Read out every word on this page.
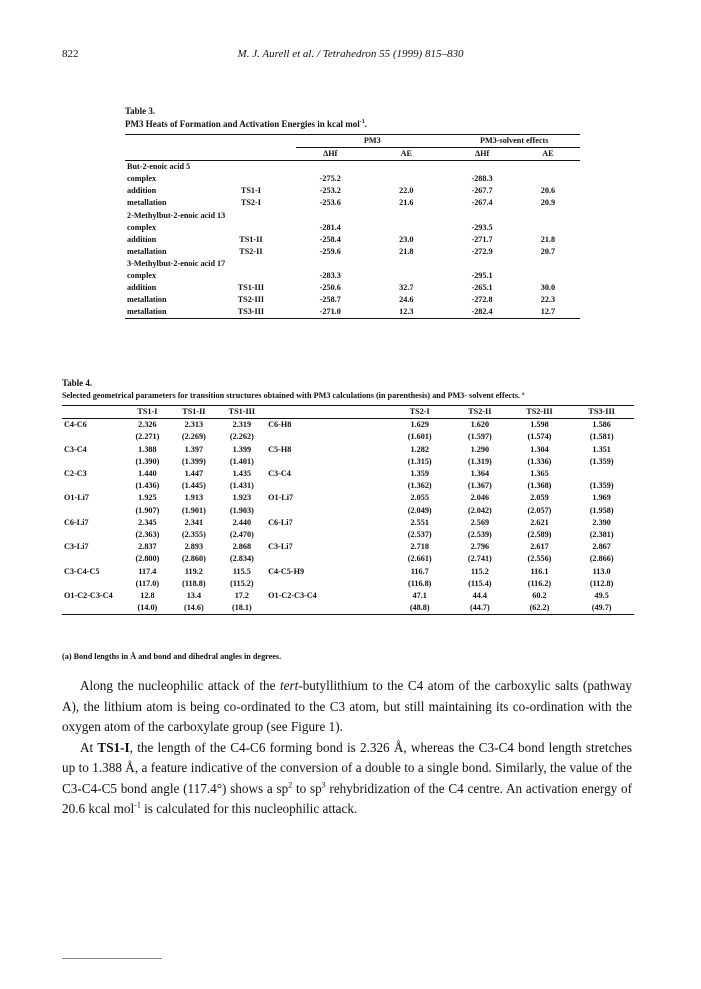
822	M. J. Aurell et al. / Tetrahedron 55 (1999) 815–830
Table 3.
PM3 Heats of Formation and Activation Energies in kcal mol$^{-1}$.
		PM3		PM3-solvent effects	
		ΔHf	AE	ΔHf	AE
But-2-enoic acid 5					
complex		-275.2		-288.3	
addition	TS1-I	-253.2	22.0	-267.7	20.6
metallation	TS2-I	-253.6	21.6	-267.4	20.9
2-Methylbut-2-enoic acid 13					
complex		-281.4		-293.5	
addition	TS1-II	-258.4	23.0	-271.7	21.8
metallation	TS2-II	-259.6	21.8	-272.9	20.7
3-Methylbut-2-enoic acid 17					
complex		-283.3		-295.1	
addition	TS1-III	-250.6	32.7	-265.1	30.0
metallation	TS2-III	-258.7	24.6	-272.8	22.3
metallation	TS3-III	-271.0	12.3	-282.4	12.7
Table 4.
Selected geometrical parameters for transition structures obtained with PM3 calculations (in parenthesis) and PM3- solvent effects. ª
	TS1-I	TS1-II	TS1-III		TS2-I	TS2-II	TS2-III	TS3-III
C4-C6	2.326	2.313	2.319	C6-H8	1.629	1.620	1.598	1.586
	(2.271)	(2.269)	(2.262)		(1.601)	(1.597)	(1.574)	(1.581)
C3-C4	1.388	1.397	1.399	C5-H8	1.282	1.290	1.304	1.351
	(1.390)	(1.399)	(1.401)		(1.315)	(1.319)	(1.336)	(1.359)
C2-C3	1.440	1.447	1.435	C3-C4	1.359	1.364	1.365	
	(1.436)	(1.445)	(1.431)		(1.362)	(1.367)	(1.368)	(1.359)
O1-Li7	1.925	1.913	1.923	O1-Li7	2.055	2.046	2.059	1.969
	(1.907)	(1.901)	(1.903)		(2.049)	(2.042)	(2.057)	(1.958)
C6-Li7	2.345	2.341	2.440	C6-Li7	2.551	2.569	2.621	2.390
	(2.363)	(2.355)	(2.470)		(2.537)	(2.539)	(2.589)	(2.381)
C3-Li7	2.837	2.893	2.868	C3-Li7	2.718	2.796	2.617	2.867
	(2.800)	(2.860)	(2.834)		(2.661)	(2.741)	(2.556)	(2.866)
C3-C4-C5	117.4	119.2	115.5	C4-C5-H9	116.7	115.2	116.1	113.0
	(117.0)	(118.8)	(115.2)		(116.8)	(115.4)	(116.2)	(112.8)
O1-C2-C3-C4	12.8	13.4	17.2	O1-C2-C3-C4	47.1	44.4	60.2	49.5
	(14.0)	(14.6)	(18.1)		(48.8)	(44.7)	(62.2)	(49.7)
(a) Bond lengths in Å and bond and dihedral angles in degrees.

Along the nucleophilic attack of the tert-butyllithium to the C4 atom of the carboxylic salts (pathway A), the lithium atom is being co-ordinated to the C3 atom, but still maintaining its co-ordination with the oxygen atom of the carboxylate group (see Figure 1).

At TS1-I, the length of the C4-C6 forming bond is 2.326 Å, whereas the C3-C4 bond length stretches up to 1.388 Å, a feature indicative of the conversion of a double to a single bond. Similarly, the value of the C3-C4-C5 bond angle (117.4°) shows a $sp^2$ to $sp^3$ rehybridization of the C4 centre. An activation energy of 20.6 kcal mol$^{-1}$ is calculated for this nucleophilic attack.
